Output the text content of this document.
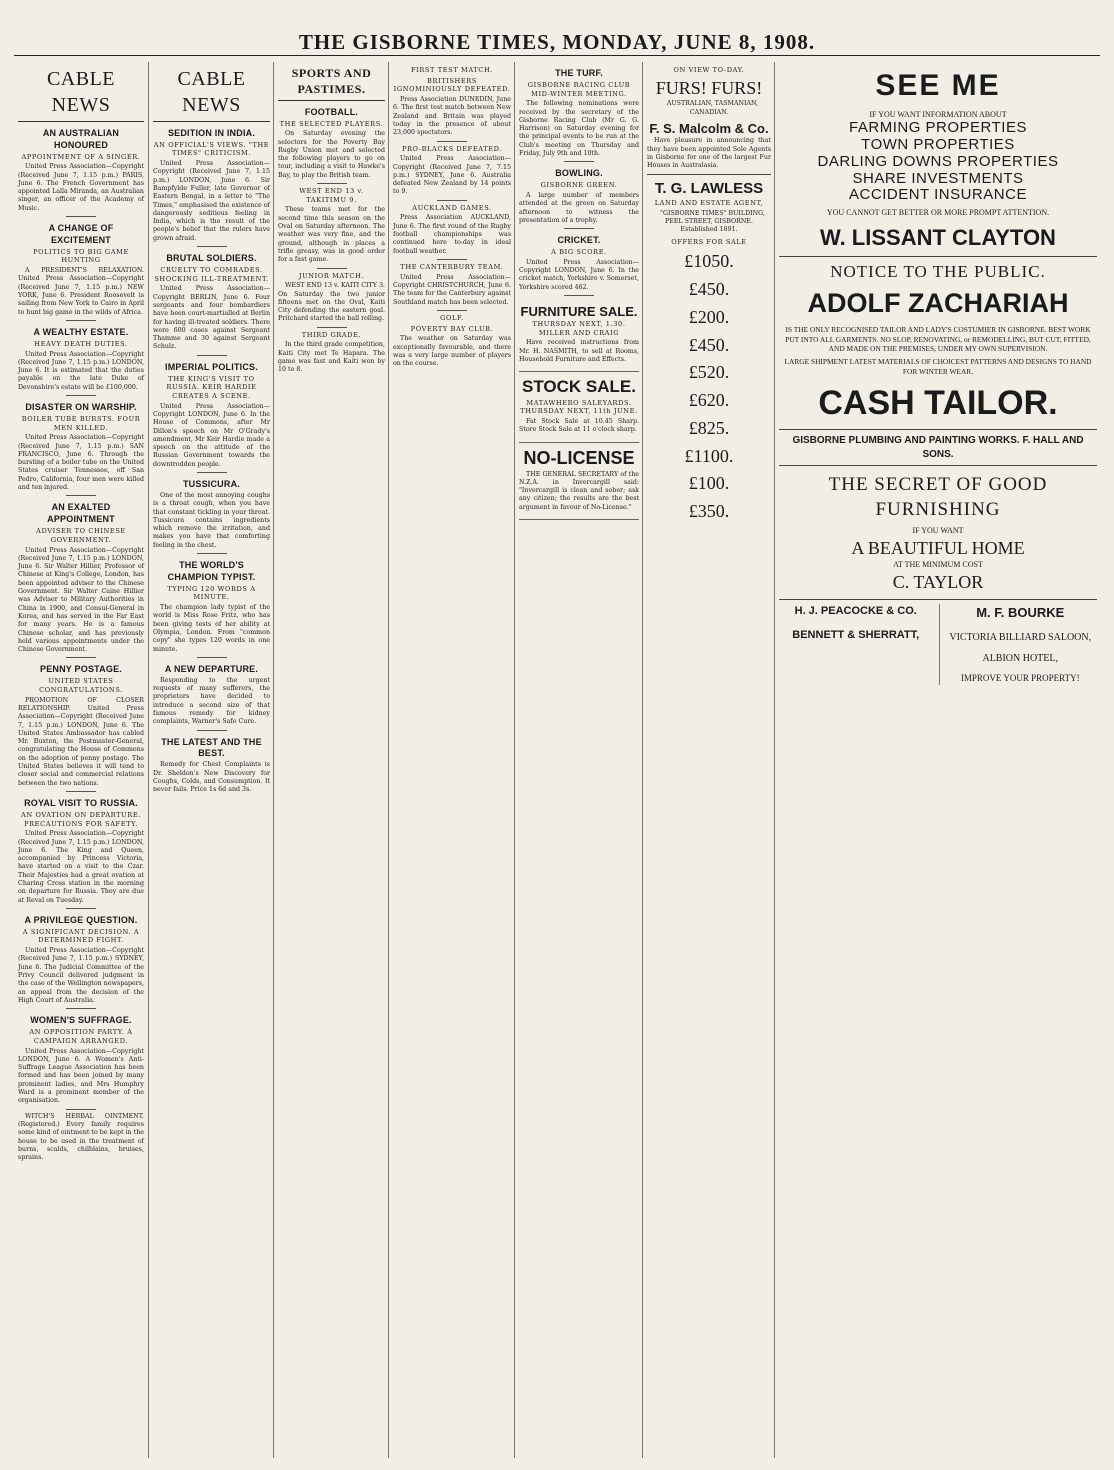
THE GISBORNE TIMES, MONDAY, JUNE 8, 1908.
CABLE NEWS
AN AUSTRALIAN HONOURED
APPOINTMENT OF A SINGER.

United Press Association—Copyright (Received June 7, 1.15 p.m.) PARIS, June 6. The French Government has appointed Lalla Miranda, an Australian singer, an officer of the Academy of Music.

A CHANGE OF EXCITEMENT
POLITICS TO BIG GAME HUNTING

A PRESIDENT'S RELAXATION. United Press Association—Copyright (Received June 7, 1.15 p.m.) NEW YORK, June 6. President Roosevelt is sailing from New York to Cairo in April to hunt big game in the wilds of Africa.

A WEALTHY ESTATE.
HEAVY DEATH DUTIES.

United Press Association—Copyright (Received June 7, 1.15 p.m.) LONDON, June 6. It is estimated that the duties payable on the late Duke of Devonshire's estate will be £100,000.

DISASTER ON WARSHIP.
BOILER TUBE BURSTS. FOUR MEN KILLED.

United Press Association—Copyright (Received June 7, 1.15 p.m.) SAN FRANCISCO, June 6. Through the bursting of a boiler tube on the United States cruiser Tennessee, off San Pedro, California, four men were killed and ten injured.

AN EXALTED APPOINTMENT
ADVISER TO CHINESE GOVERNMENT.

United Press Association—Copyright (Received June 7, 1.15 p.m.) LONDON, June 6. Sir Walter Hillier, Professor of Chinese at King's College, London, has been appointed adviser to the Chinese Government. Sir Walter Caine Hillier was Adviser to Military Authorities in China in 1900, and Consul-General in Korea, and has served in the Far East for many years. He is a famous Chinese scholar, and has previously held various appointments under the Chinese Government.

PENNY POSTAGE.
UNITED STATES CONGRATULATIONS.

PROMOTION OF CLOSER RELATIONSHIP. United Press Association—Copyright (Received June 7, 1.15 p.m.) LONDON, June 6. The United States Ambassador has cabled Mr. Buxton, the Postmaster-General, congratulating the House of Commons on the adoption of penny postage. The United States believes it will tend to closer social and commercial relations between the two nations.

ROYAL VISIT TO RUSSIA.
AN OVATION ON DEPARTURE. PRECAUTIONS FOR SAFETY.

United Press Association—Copyright (Received June 7, 1.15 p.m.) LONDON, June 6. The King and Queen, accompanied by Princess Victoria, have started on a visit to the Czar. Their Majesties had a great ovation at Charing Cross station in the morning on departure for Russia. They are due at Reval on Tuesday.

A PRIVILEGE QUESTION.
A SIGNIFICANT DECISION. A DETERMINED FIGHT.

United Press Association—Copyright (Received June 7, 1.15 p.m.) SYDNEY, June 6. The Judicial Committee of the Privy Council delivered judgment in the case of the Wellington newspapers, an appeal from the decision of the High Court of Australia.

WOMEN'S SUFFRAGE.
AN OPPOSITION PARTY. A CAMPAIGN ARRANGED.

United Press Association—Copyright LONDON, June 6. A Women's Anti-Suffrage League Association has been formed and has been joined by many prominent ladies, and Mrs Humphry Ward is a prominent member of the organisation.

WITCH'S HERBAL OINTMENT. (Registered.) Every family requires some kind of ointment to be kept in the house to be used in the treatment of burns, scalds, chilblains, bruises, sprains.

CABLE NEWS
SEDITION IN INDIA.
AN OFFICIAL'S VIEWS. "THE TIMES" CRITICISM.

United Press Association—Copyright (Received June 7, 1.15 p.m.) LONDON, June 6. Sir Bampfylde Fuller, late Governor of Eastern Bengal, in a letter to "The Times," emphasised the existence of dangerously seditious feeling in India, which is the result of the people's belief that the rulers have grown afraid.

BRUTAL SOLDIERS.
CRUELTY TO COMRADES. SHOCKING ILL-TREATMENT.

United Press Association—Copyright BERLIN, June 6. Four sergeants and four bombardiers have been court-martialled at Berlin for having ill-treated soldiers. There were 600 cases against Sergeant Thamme and 30 against Sergeant Schulz.

IMPERIAL POLITICS.
THE KING'S VISIT TO RUSSIA. KEIR HARDIE CREATES A SCENE.

United Press Association—Copyright LONDON, June 6. In the House of Commons, after Mr Dillon's speech on Mr O'Grady's amendment, Mr Keir Hardie made a speech on the attitude of the Russian Government towards the downtrodden people.

TUSSICURA.

One of the most annoying coughs is a throat cough, when you have that constant tickling in your throat. Tussicura contains ingredients which remove the irritation, and makes you have that comforting feeling in the chest.

THE WORLD'S CHAMPION TYPIST.
TYPING 120 WORDS A MINUTE.

The champion lady typist of the world is Miss Rose Fritz, who has been giving tests of her ability at Olympia, London. From "common copy" she types 120 words in one minute.

A NEW DEPARTURE.

Responding to the urgent requests of many sufferers, the proprietors have decided to introduce a second size of that famous remedy for kidney complaints, Warner's Safe Cure.

THE LATEST AND THE BEST.

Remedy for Chest Complaints is Dr. Sheldon's New Discovery for Coughs, Colds, and Consumption. It never fails. Price 1s 6d and 3s.

SPORTS AND PASTIMES.
FOOTBALL.
THE SELECTED PLAYERS.

On Saturday evening the selectors for the Poverty Bay Rugby Union met and selected the following players to go on tour, including a visit to Hawke's Bay, to play the British team.

WEST END 13 v. TAKITIMU 9.

These teams met for the second time this season on the Oval on Saturday afternoon. The weather was very fine, and the ground, although in places a trifle greasy, was in good order for a fast game.

JUNIOR MATCH.

WEST END 13 v. KAITI CITY 3. On Saturday the two junior fifteens met on the Oval, Kaiti City defending the eastern goal. Pritchard started the ball rolling.

THIRD GRADE.

In the third grade competition, Kaiti City met Te Hapara. The game was fast and Kaiti won by 10 to 8.

FIRST TEST MATCH.
BRITISHERS IGNOMINIOUSLY DEFEATED.

Press Association DUNEDIN, June 6. The first test match between New Zealand and Britain was played today in the presence of about 23,000 spectators.

PRO-BLACKS DEFEATED.

United Press Association—Copyright (Received June 7, 7.15 p.m.) SYDNEY, June 6. Australia defeated New Zealand by 14 points to 9.

AUCKLAND GAMES.

Press Association AUCKLAND, June 6. The first round of the Rugby football championships was continued here to-day in ideal football weather.

THE CANTERBURY TEAM.

United Press Association—Copyright CHRISTCHURCH, June 6. The team for the Canterbury against Southland match has been selected.

GOLF.
POVERTY BAY CLUB.

The weather on Saturday was exceptionally favourable, and there was a very large number of players on the course.

THE TURF.
GISBORNE RACING CLUB MID-WINTER MEETING.

The following nominations were received by the secretary of the Gisborne Racing Club (Mr G. G. Harrison) on Saturday evening for the principal events to be run at the Club's meeting on Thursday and Friday, July 9th and 10th.

BOWLING.
GISBORNE GREEN.

A large number of members attended at the green on Saturday afternoon to witness the presentation of a trophy.

CRICKET.
A BIG SCORE.

United Press Association—Copyright LONDON, June 6. In the cricket match, Yorkshire v. Somerset, Yorkshire scored 462.

FURNITURE SALE.
THURSDAY NEXT, 1.30. MILLER AND CRAIG

Have received instructions from Mr. H. NASMITH, to sell at Rooms, Household Furniture and Effects.

STOCK SALE.
MATAWHERO SALEYARDS. THURSDAY NEXT, 11th JUNE.

Fat Stock Sale at 10.45 Sharp. Store Stock Sale at 11 o'clock sharp.

NO-LICENSE

THE GENERAL SECRETARY of the N.Z.A. in Invercargill said: "Invercargill is clean and sober; ask any citizen; the results are the best argument in favour of No-License."

ON VIEW TO-DAY.
FURS! FURS!

AUSTRALIAN, TASMANIAN, CANADIAN.

F. S. Malcolm & Co.

Have pleasure in announcing that they have been appointed Sole Agents in Gisborne for one of the largest Fur Houses in Australasia.

T. G. LAWLESS
LAND AND ESTATE AGENT,

"GISBORNE TIMES" BUILDING, PEEL STREET, GISBORNE. Established 1891.

OFFERS FOR SALE
£1050.
£450.
£200.
£450.
£520.
£620.
£825.
£1100.
£100.
£350.
SEE ME
IF YOU WANT INFORMATION ABOUT
FARMING PROPERTIES
TOWN PROPERTIES
DARLING DOWNS PROPERTIES
SHARE INVESTMENTS
ACCIDENT INSURANCE
YOU CANNOT GET BETTER OR MORE PROMPT ATTENTION.
W. LISSANT CLAYTON
NOTICE TO THE PUBLIC.
ADOLF ZACHARIAH

IS THE ONLY RECOGNISED TAILOR AND LADY'S COSTUMIER IN GISBORNE. BEST WORK PUT INTO ALL GARMENTS. NO SLOP, RENOVATING, or REMODELLING, BUT CUT, FITTED, AND MADE ON THE PREMISES, UNDER MY OWN SUPERVISION.

LARGE SHIPMENT LATEST MATERIALS OF CHOICEST PATTERNS AND DESIGNS TO HAND FOR WINTER WEAR.

CASH TAILOR.
GISBORNE PLUMBING AND PAINTING WORKS. F. HALL AND SONS.
THE SECRET OF GOOD FURNISHING
IF YOU WANT
A BEAUTIFUL HOME
AT THE MINIMUM COST
C. TAYLOR
H. J. PEACOCKE & CO.
BENNETT & SHERRATT,
M. F. BOURKE
VICTORIA BILLIARD SALOON,
ALBION HOTEL,
IMPROVE YOUR PROPERTY!
